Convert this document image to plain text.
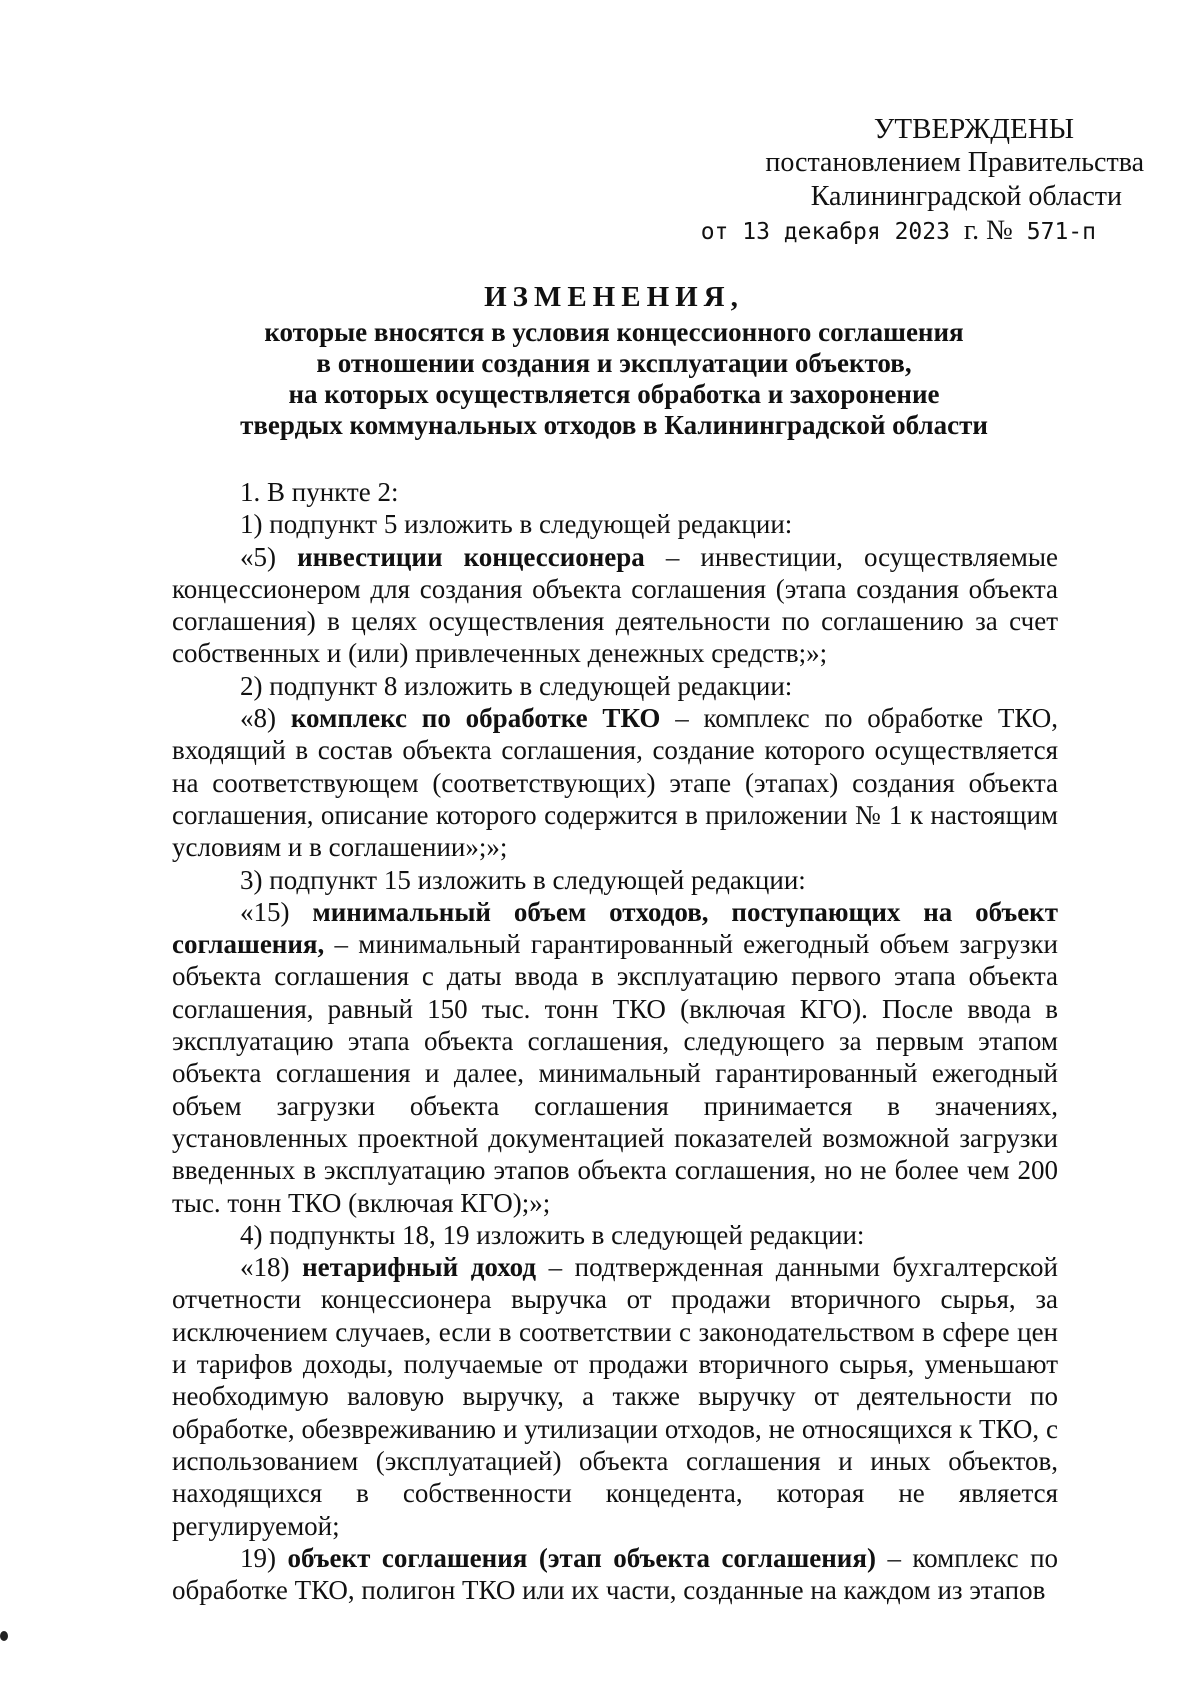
УТВЕРЖДЕНЫ
постановлением Правительства
Калининградской области
от 13 декабря 2023 г. № 571-п
ИЗМЕНЕНИЯ,
которые вносятся в условия концессионного соглашения
в отношении создания и эксплуатации объектов,
на которых осуществляется обработка и захоронение
твердых коммунальных отходов в Калининградской области

1. В пункте 2:

1) подпункт 5 изложить в следующей редакции:

«5) инвестиции концессионера – инвестиции, осуществляемые концессионером для создания объекта соглашения (этапа создания объекта соглашения) в целях осуществления деятельности по соглашению за счет собственных и (или) привлеченных денежных средств;»;

2) подпункт 8 изложить в следующей редакции:

«8) комплекс по обработке ТКО – комплекс по обработке ТКО, входящий в состав объекта соглашения, создание которого осуществляется на соответствующем (соответствующих) этапе (этапах) создания объекта соглашения, описание которого содержится в приложении № 1 к настоящим условиям и в соглашении»;»;

3) подпункт 15 изложить в следующей редакции:

«15) минимальный объем отходов, поступающих на объект соглашения, – минимальный гарантированный ежегодный объем загрузки объекта соглашения с даты ввода в эксплуатацию первого этапа объекта соглашения, равный 150 тыс. тонн ТКО (включая КГО). После ввода в эксплуатацию этапа объекта соглашения, следующего за первым этапом объекта соглашения и далее, минимальный гарантированный ежегодный объем загрузки объекта соглашения принимается в значениях, установленных проектной документацией показателей возможной загрузки введенных в эксплуатацию этапов объекта соглашения, но не более чем 200 тыс. тонн ТКО (включая КГО);»;

4) подпункты 18, 19 изложить в следующей редакции:

«18) нетарифный доход – подтвержденная данными бухгалтерской отчетности концессионера выручка от продажи вторичного сырья, за исключением случаев, если в соответствии с законодательством в сфере цен и тарифов доходы, получаемые от продажи вторичного сырья, уменьшают необходимую валовую выручку, а также выручку от деятельности по обработке, обезвреживанию и утилизации отходов, не относящихся к ТКО, с использованием (эксплуатацией) объекта соглашения и иных объектов, находящихся в собственности концедента, которая не является регулируемой;

19) объект соглашения (этап объекта соглашения) – комплекс по обработке ТКО, полигон ТКО или их части, созданные на каждом из этапов
